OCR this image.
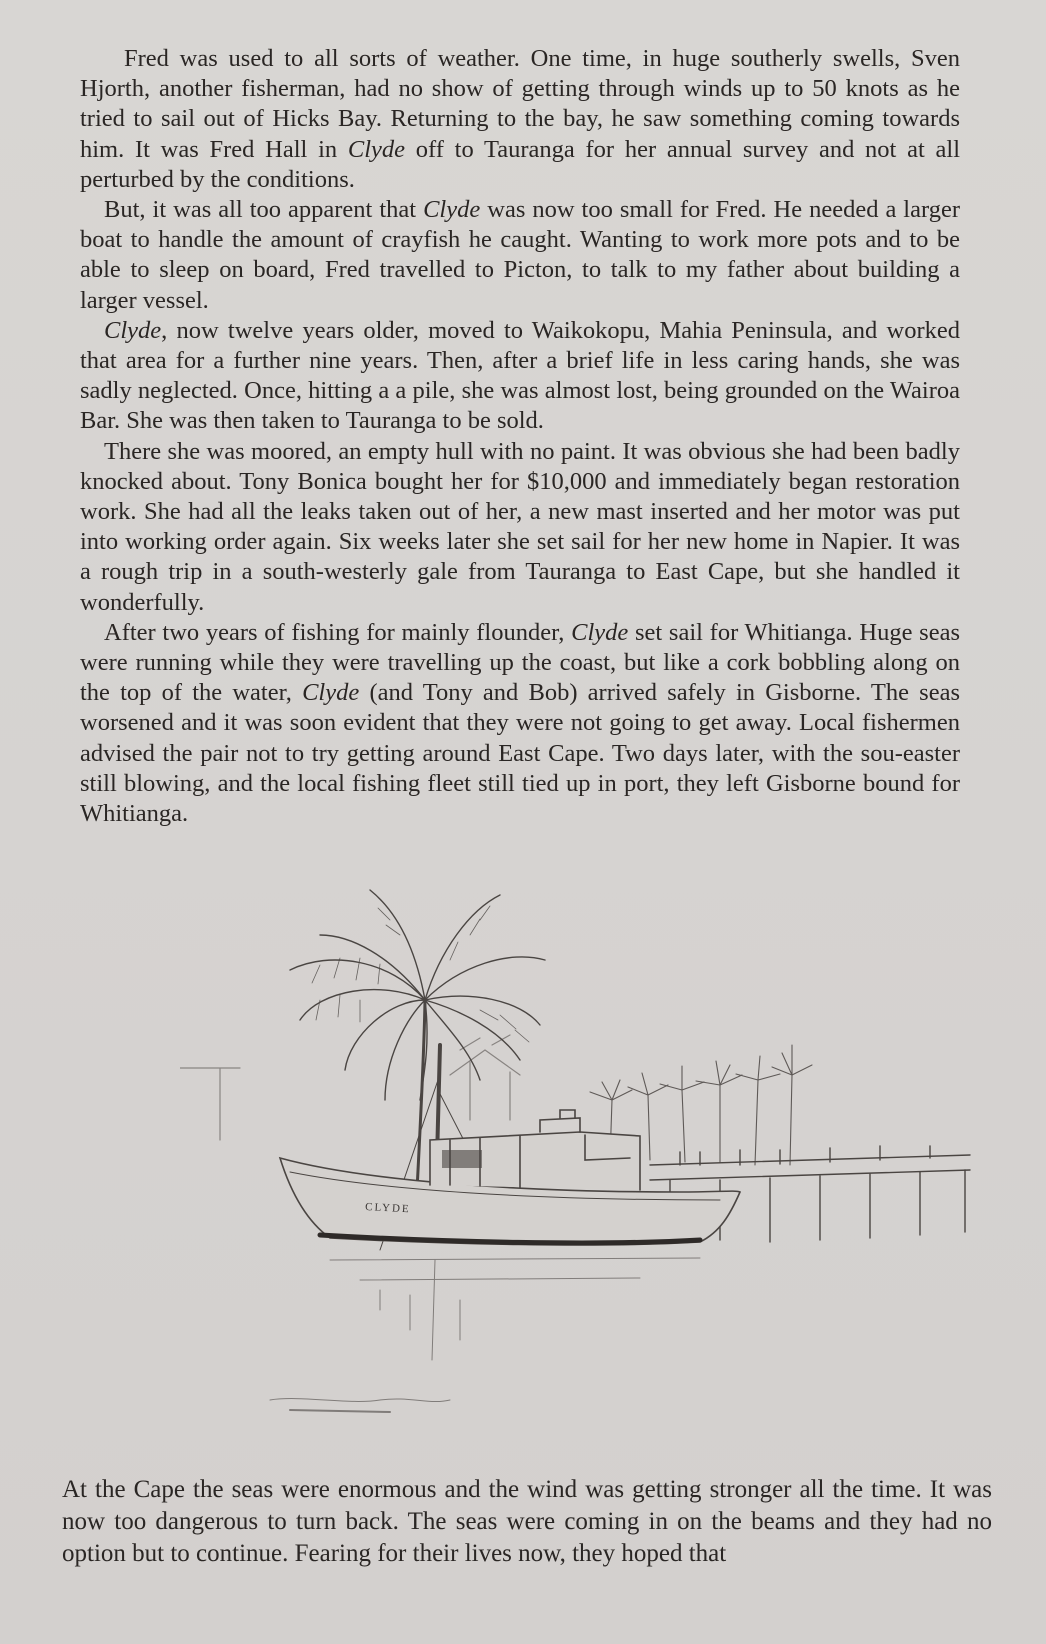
Fred was used to all sorts of weather. One time, in huge southerly swells, Sven Hjorth, another fisherman, had no show of getting through winds up to 50 knots as he tried to sail out of Hicks Bay. Returning to the bay, he saw something coming towards him. It was Fred Hall in Clyde off to Tauranga for her annual survey and not at all perturbed by the conditions.

But, it was all too apparent that Clyde was now too small for Fred. He needed a larger boat to handle the amount of crayfish he caught. Wanting to work more pots and to be able to sleep on board, Fred travelled to Picton, to talk to my father about building a larger vessel.

Clyde, now twelve years older, moved to Waikokopu, Mahia Peninsula, and worked that area for a further nine years. Then, after a brief life in less caring hands, she was sadly neglected. Once, hitting a a pile, she was almost lost, being grounded on the Wairoa Bar. She was then taken to Tauranga to be sold.

There she was moored, an empty hull with no paint. It was obvious she had been badly knocked about. Tony Bonica bought her for $10,000 and immediately began restoration work. She had all the leaks taken out of her, a new mast inserted and her motor was put into working order again. Six weeks later she set sail for her new home in Napier. It was a rough trip in a south-westerly gale from Tauranga to East Cape, but she handled it wonderfully.

After two years of fishing for mainly flounder, Clyde set sail for Whitianga. Huge seas were running while they were travelling up the coast, but like a cork bobbling along on the top of the water, Clyde (and Tony and Bob) arrived safely in Gisborne. The seas worsened and it was soon evident that they were not going to get away. Local fishermen advised the pair not to try getting around East Cape. Two days later, with the sou-easter still blowing, and the local fishing fleet still tied up in port, they left Gisborne bound for Whitianga.

CLYDE
At the Cape the seas were enormous and the wind was getting stronger all the time. It was now too dangerous to turn back. The seas were coming in on the beams and they had no option but to continue. Fearing for their lives now, they hoped that
